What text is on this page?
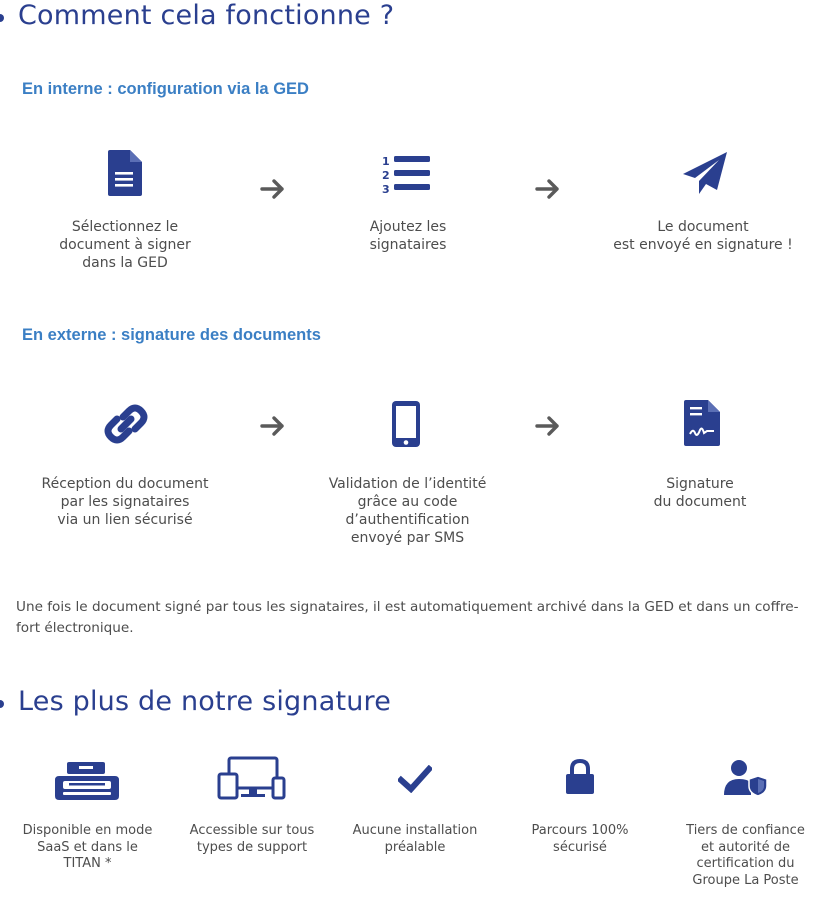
Comment cela fonctionne ?
En interne : configuration via la GED
Sélectionnez le
document à signer
dans la GED
1
2
3
Ajoutez les
signataires
Le document
est envoyé en signature !
En externe : signature des documents
Réception du document
par les signataires
via un lien sécurisé
Validation de l’identité
grâce au code
d’authentification
envoyé par SMS
Signature
du document

Une fois le document signé par tous les signataires, il est automatiquement archivé dans la GED et dans un coffre-fort électronique.

Les plus de notre signature
Disponible en mode
SaaS et dans le
TITAN *
Accessible sur tous
types de support
Aucune installation
préalable
Parcours 100%
sécurisé
Tiers de confiance
et autorité de
certification du
Groupe La Poste
